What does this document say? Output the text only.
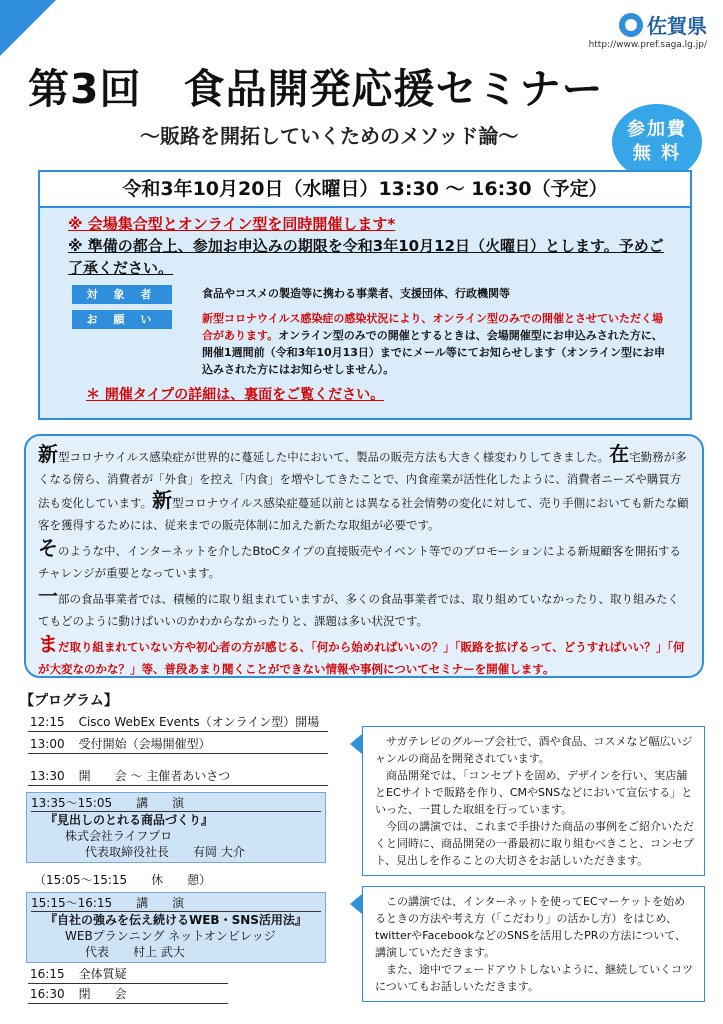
佐賀県
http://www.pref.saga.lg.jp/
第3回　食品開発応援セミナー
～販路を開拓していくためのメソッド論～	参加費
無 料
令和3年10月20日（水曜日）13:30 ～ 16:30（予定）
※ 会場集合型とオンライン型を同時開催します*
※ 準備の都合上、参加お申込みの期限を令和3年10月12日（火曜日）とします。予めご了承ください。
対 象 者	食品やコスメの製造等に携わる事業者、支援団体、行政機関等
お 願 い	新型コロナウイルス感染症の感染状況により、オンライン型のみでの開催とさせていただく場合があります。オンライン型のみでの開催とするときは、会場開催型にお申込みされた方に、開催1週間前（令和3年10月13日）までにメール等にてお知らせします（オンライン型にお申込みされた方にはお知らせしません）。
＊ 開催タイプの詳細は、裏面をご覧ください。

新型コロナウイルス感染症が世界的に蔓延した中において、製品の販売方法も大きく様変わりしてきました。在宅勤務が多くなる傍ら、消費者が「外食」を控え「内食」を増やしてきたことで、内食産業が活性化したように、消費者ニーズや購買方法も変化しています。新型コロナウイルス感染症蔓延以前とは異なる社会情勢の変化に対して、売り手側においても新たな顧客を獲得するためには、従来までの販売体制に加えた新たな取組が必要です。

そのような中、インターネットを介したBtoCタイプの直接販売やイベント等でのプロモーションによる新規顧客を開拓するチャレンジが重要となっています。

一部の食品事業者では、積極的に取り組まれていますが、多くの食品事業者では、取り組めていなかったり、取り組みたくてもどのように動けばいいのかわからなかったりと、課題は多い状況です。

まだ取り組まれていない方や初心者の方が感じる、「何から始めればいいの？」「販路を拡げるって、どうすればいい？」「何が大変なのかな？」等、普段あまり聞くことができない情報や事例についてセミナーを開催します。

【プログラム】
12:15 Cisco WebEx Events（オンライン型）開場
13:00 受付開始（会場開催型）
13:30 開　　会 ～ 主催者あいさつ
13:35～15:05　　講　　演
『見出しのとれる商品づくり』
株式会社ライフプロ
代表取締役社長　　有岡 大介
（15:05～15:15　　休　　憩）
15:15～16:15　　講　　演
『自社の強みを伝え続けるWEB・SNS活用法』
WEBプランニング ネットオンビレッジ
代表　　村上 武大
16:15 全体質疑
16:30 閉　　会

サガテレビのグループ会社で、酒や食品、コスメなど幅広いジャンルの商品を開発されています。

商品開発では、「コンセプトを固め、デザインを行い、実店舗とECサイトで販路を作り、CMやSNSなどにおいて宣伝する」といった、一貫した取組を行っています。

今回の講演では、これまで手掛けた商品の事例をご紹介いただくと同時に、商品開発の一番最初に取り組むべきこと、コンセプト、見出しを作ることの大切さをお話しいただきます。

この講演では、インターネットを使ってECマーケットを始めるときの方法や考え方（「こだわり」の活かし方）をはじめ、twitterやFacebookなどのSNSを活用したPRの方法について、講演していただきます。

また、途中でフェードアウトしないように、継続していくコツについてもお話しいただきます。
